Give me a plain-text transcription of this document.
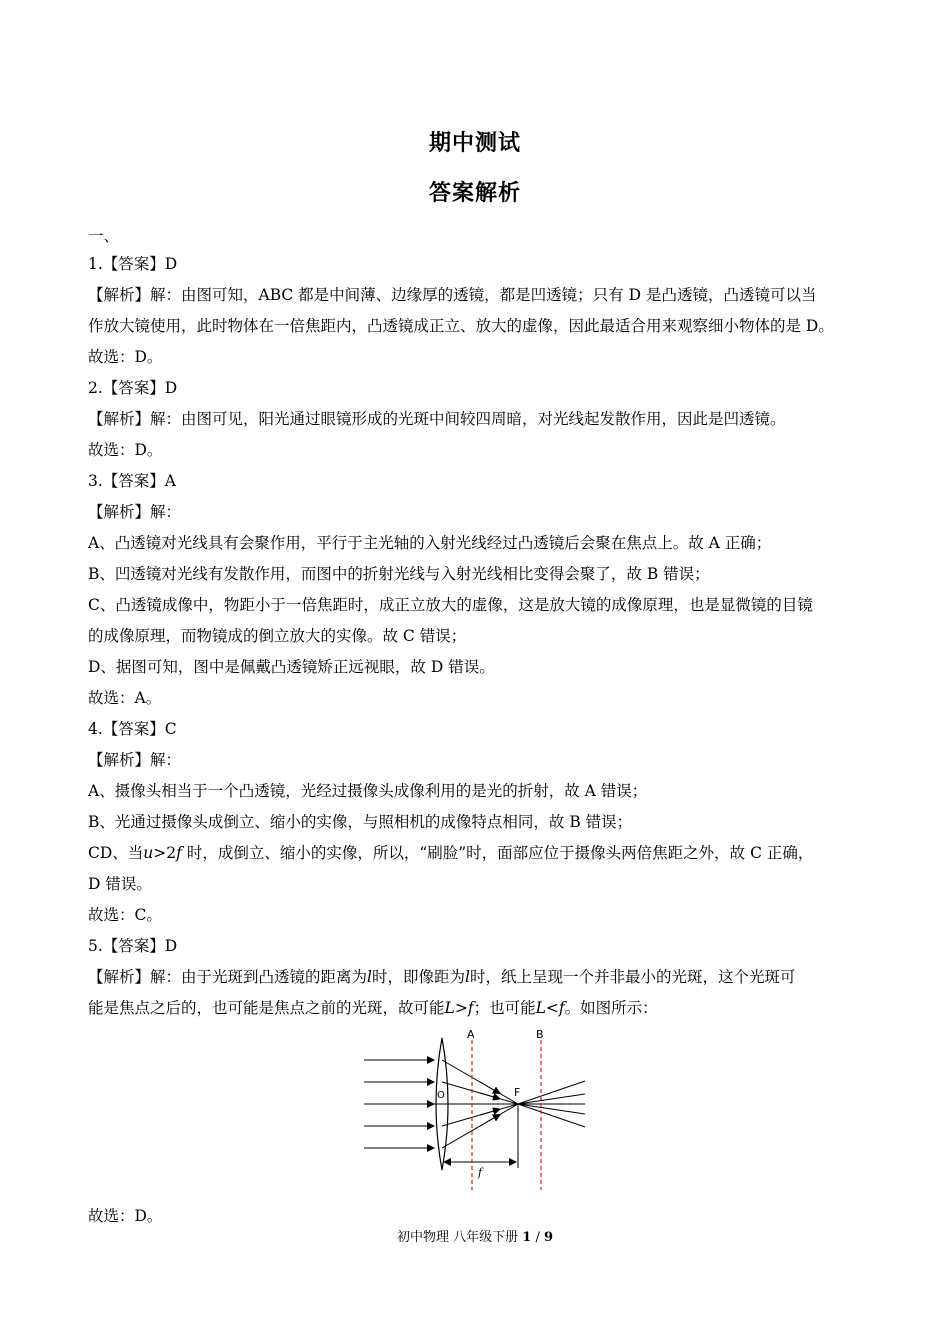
期中测试
答案解析
一、
1.【答案】D
【解析】解：由图可知，ABC 都是中间薄、边缘厚的透镜，都是凹透镜；只有 D 是凸透镜，凸透镜可以当
作放大镜使用，此时物体在一倍焦距内，凸透镜成正立、放大的虚像，因此最适合用来观察细小物体的是 D。
故选：D。
2.【答案】D
【解析】解：由图可见，阳光通过眼镜形成的光斑中间较四周暗，对光线起发散作用，因此是凹透镜。
故选：D。
3.【答案】A
【解析】解：
A、凸透镜对光线具有会聚作用，平行于主光轴的入射光线经过凸透镜后会聚在焦点上。故 A 正确；
B、凹透镜对光线有发散作用，而图中的折射光线与入射光线相比变得会聚了，故 B 错误；
C、凸透镜成像中，物距小于一倍焦距时，成正立放大的虚像，这是放大镜的成像原理，也是显微镜的目镜
的成像原理，而物镜成的倒立放大的实像。故 C 错误；
D、据图可知，图中是佩戴凸透镜矫正远视眼，故 D 错误。
故选：A。
4.【答案】C
【解析】解：
A、摄像头相当于一个凸透镜，光经过摄像头成像利用的是光的折射，故 A 错误；
B、光通过摄像头成倒立、缩小的实像，与照相机的成像特点相同，故 B 错误；
CD、当u>2f 时，成倒立、缩小的实像，所以，“刷脸”时，面部应位于摄像头两倍焦距之外，故 C 正确，
D 错误。
故选：C。
5.【答案】D
【解析】解：由于光斑到凸透镜的距离为l时，即像距为l时，纸上呈现一个并非最小的光斑，这个光斑可
能是焦点之后的，也可能是焦点之前的光斑，故可能L>f；也可能L<f。如图所示：
A	B
F
O
f
故选：D。
初中物理 八年级下册 1 / 9
